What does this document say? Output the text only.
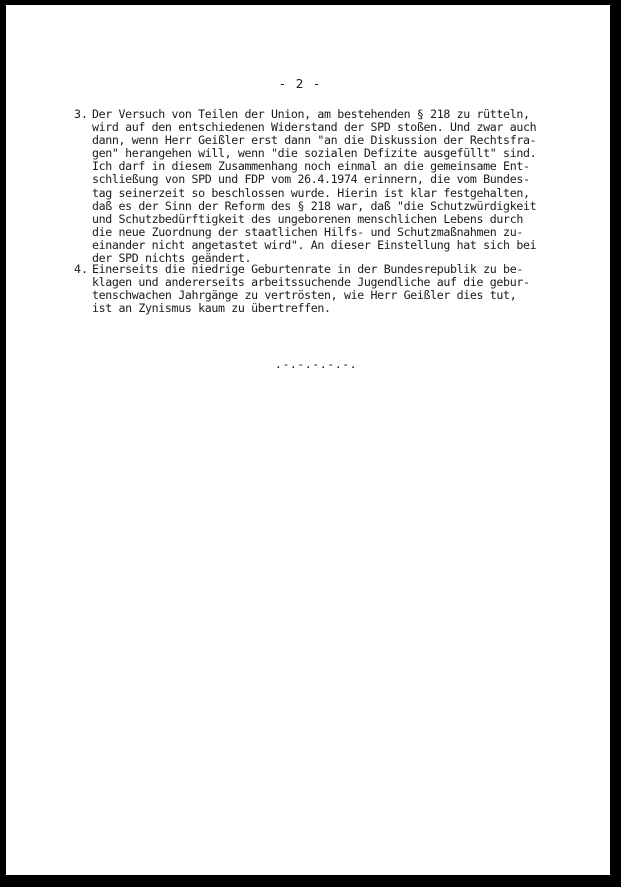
- 2 -
3. Der Versuch von Teilen der Union, am bestehenden § 218 zu rütteln,
wird auf den entschiedenen Widerstand der SPD stoßen. Und zwar auch
dann, wenn Herr Geißler erst dann "an die Diskussion der Rechtsfra-
gen" herangehen will, wenn "die sozialen Defizite ausgefüllt" sind.
Ich darf in diesem Zusammenhang noch einmal an die gemeinsame Ent-
schließung von SPD und FDP vom 26.4.1974 erinnern, die vom Bundes-
tag seinerzeit so beschlossen wurde. Hierin ist klar festgehalten,
daß es der Sinn der Reform des § 218 war, daß "die Schutzwürdigkeit
und Schutzbedürftigkeit des ungeborenen menschlichen Lebens durch
die neue Zuordnung der staatlichen Hilfs- und Schutzmaßnahmen zu-
einander nicht angetastet wird". An dieser Einstellung hat sich bei
der SPD nichts geändert.
4. Einerseits die niedrige Geburtenrate in der Bundesrepublik zu be-
klagen und andererseits arbeitssuchende Jugendliche auf die gebur-
tenschwachen Jahrgänge zu vertrösten, wie Herr Geißler dies tut,
ist an Zynismus kaum zu übertreffen.
.-.-.-.-.-.
